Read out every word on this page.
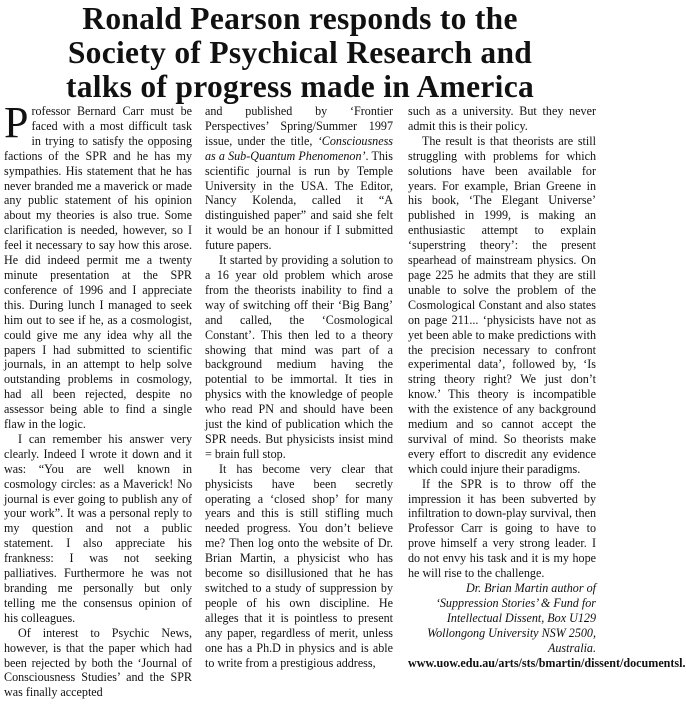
Ronald Pearson responds to the
Society of Psychical Research and
talks of progress made in America

Professor Bernard Carr must be faced with a most difficult task in trying to satisfy the opposing factions of the SPR and he has my sympathies. His statement that he has never branded me a maverick or made any public statement of his opinion about my theories is also true. Some clarification is needed, however, so I feel it necessary to say how this arose. He did indeed permit me a twenty minute presentation at the SPR conference of 1996 and I appreciate this. During lunch I managed to seek him out to see if he, as a cosmologist, could give me any idea why all the papers I had submitted to scientific journals, in an attempt to help solve outstanding problems in cosmology, had all been rejected, despite no assessor being able to find a single flaw in the logic.

I can remember his answer very clearly. Indeed I wrote it down and it was: “You are well known in cosmology circles: as a Maverick! No journal is ever going to publish any of your work”. It was a personal reply to my question and not a public statement. I also appreciate his frankness: I was not seeking palliatives. Furthermore he was not branding me personally but only telling me the consensus opinion of his colleagues.

Of interest to Psychic News, however, is that the paper which had been rejected by both the ‘Journal of Consciousness Studies’ and the SPR was finally accepted

and published by ‘Frontier Perspectives’ Spring/Summer 1997 issue, under the title, ‘Consciousness as a Sub-Quantum Phenomenon’. This scientific journal is run by Temple University in the USA. The Editor, Nancy Kolenda, called it “A distinguished paper” and said she felt it would be an honour if I submitted future papers.

It started by providing a solution to a 16 year old problem which arose from the theorists inability to find a way of switching off their ‘Big Bang’ and called, the ‘Cosmological Constant’. This then led to a theory showing that mind was part of a background medium having the potential to be immortal. It ties in physics with the knowledge of people who read PN and should have been just the kind of publication which the SPR needs. But physicists insist mind = brain full stop.

It has become very clear that physicists have been secretly operating a ‘closed shop’ for many years and this is still stifling much needed progress. You don’t believe me? Then log onto the website of Dr. Brian Martin, a physicist who has become so disillusioned that he has switched to a study of suppression by people of his own discipline. He alleges that it is pointless to present any paper, regardless of merit, unless one has a Ph.D in physics and is able to write from a prestigious address,

such as a university. But they never admit this is their policy.

The result is that theorists are still struggling with problems for which solutions have been available for years. For example, Brian Greene in his book, ‘The Elegant Universe’ published in 1999, is making an enthusiastic attempt to explain ‘superstring theory’: the present spearhead of mainstream physics. On page 225 he admits that they are still unable to solve the problem of the Cosmological Constant and also states on page 211... ‘physicists have not as yet been able to make predictions with the precision necessary to confront experimental data’, followed by, ‘Is string theory right? We just don’t know.’ This theory is incompatible with the existence of any background medium and so cannot accept the survival of mind. So theorists make every effort to discredit any evidence which could injure their paradigms.

If the SPR is to throw off the impression it has been subverted by infiltration to down-play survival, then Professor Carr is going to have to prove himself a very strong leader. I do not envy his task and it is my hope he will rise to the challenge.

Dr. Brian Martin author of ‘Suppression Stories’ & Fund for Intellectual Dissent, Box U129 Wollongong University NSW 2500, Australia. www.uow.edu.au/arts/sts/bmartin/dissent/documentsl.
